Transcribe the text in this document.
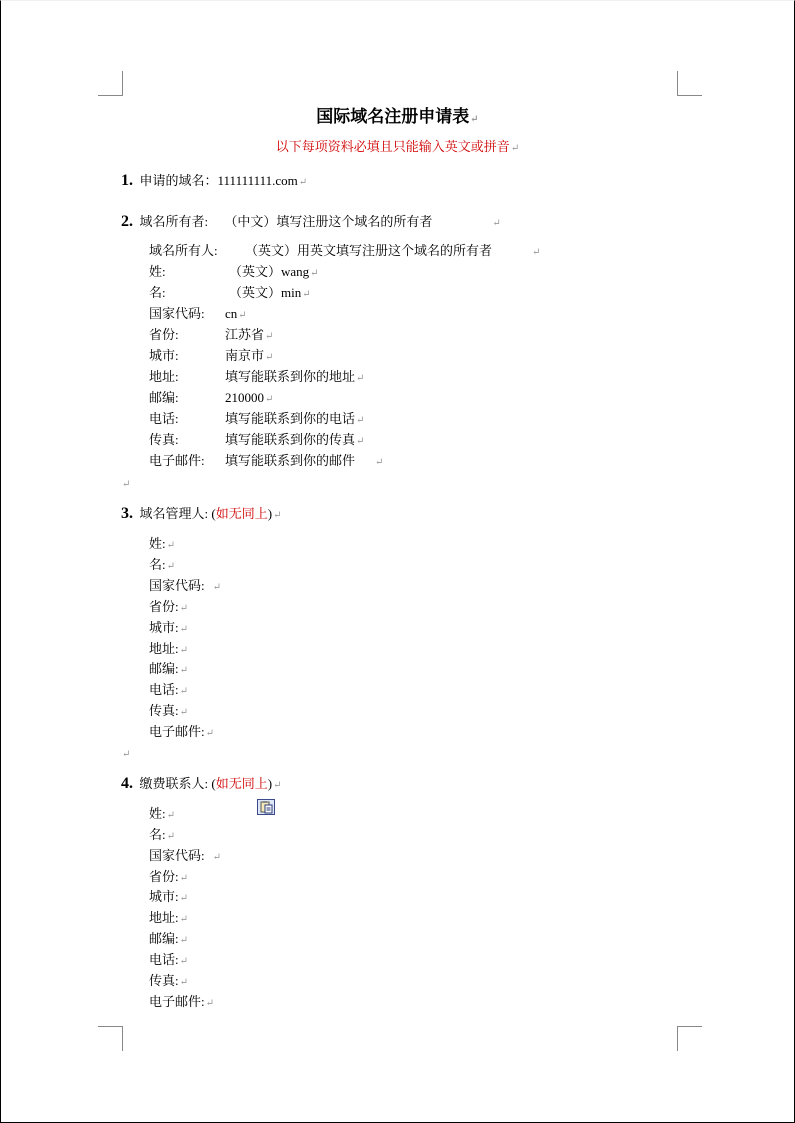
国际域名注册申请表↵
以下每项资料必填且只能输入英文或拼音↵
1. 申请的域名：111111111.com↵
2. 域名所有者: （中文）填写注册这个域名的所有者	↵
域名所有人: （英文）用英文填写注册这个域名的所有者	↵
姓:	（英文）wang↵
名:	（英文）min↵
国家代码: cn↵
省份:	江苏省↵
城市:	南京市↵
地址:	填写能联系到你的地址↵
邮编:	210000↵
电话:	填写能联系到你的电话↵
传真:	填写能联系到你的传真↵
电子邮件: 填写能联系到你的邮件 ↵
↵
3. 域名管理人: (如无同上)↵
姓:↵
名:↵
国家代码: ↵
省份:↵
城市:↵
地址:↵
邮编:↵
电话:↵
传真:↵
电子邮件:↵
↵
4. 缴费联系人: (如无同上)↵
姓:↵
名:↵
国家代码: ↵
省份:↵
城市:↵
地址:↵
邮编:↵
电话:↵
传真:↵
电子邮件:↵
